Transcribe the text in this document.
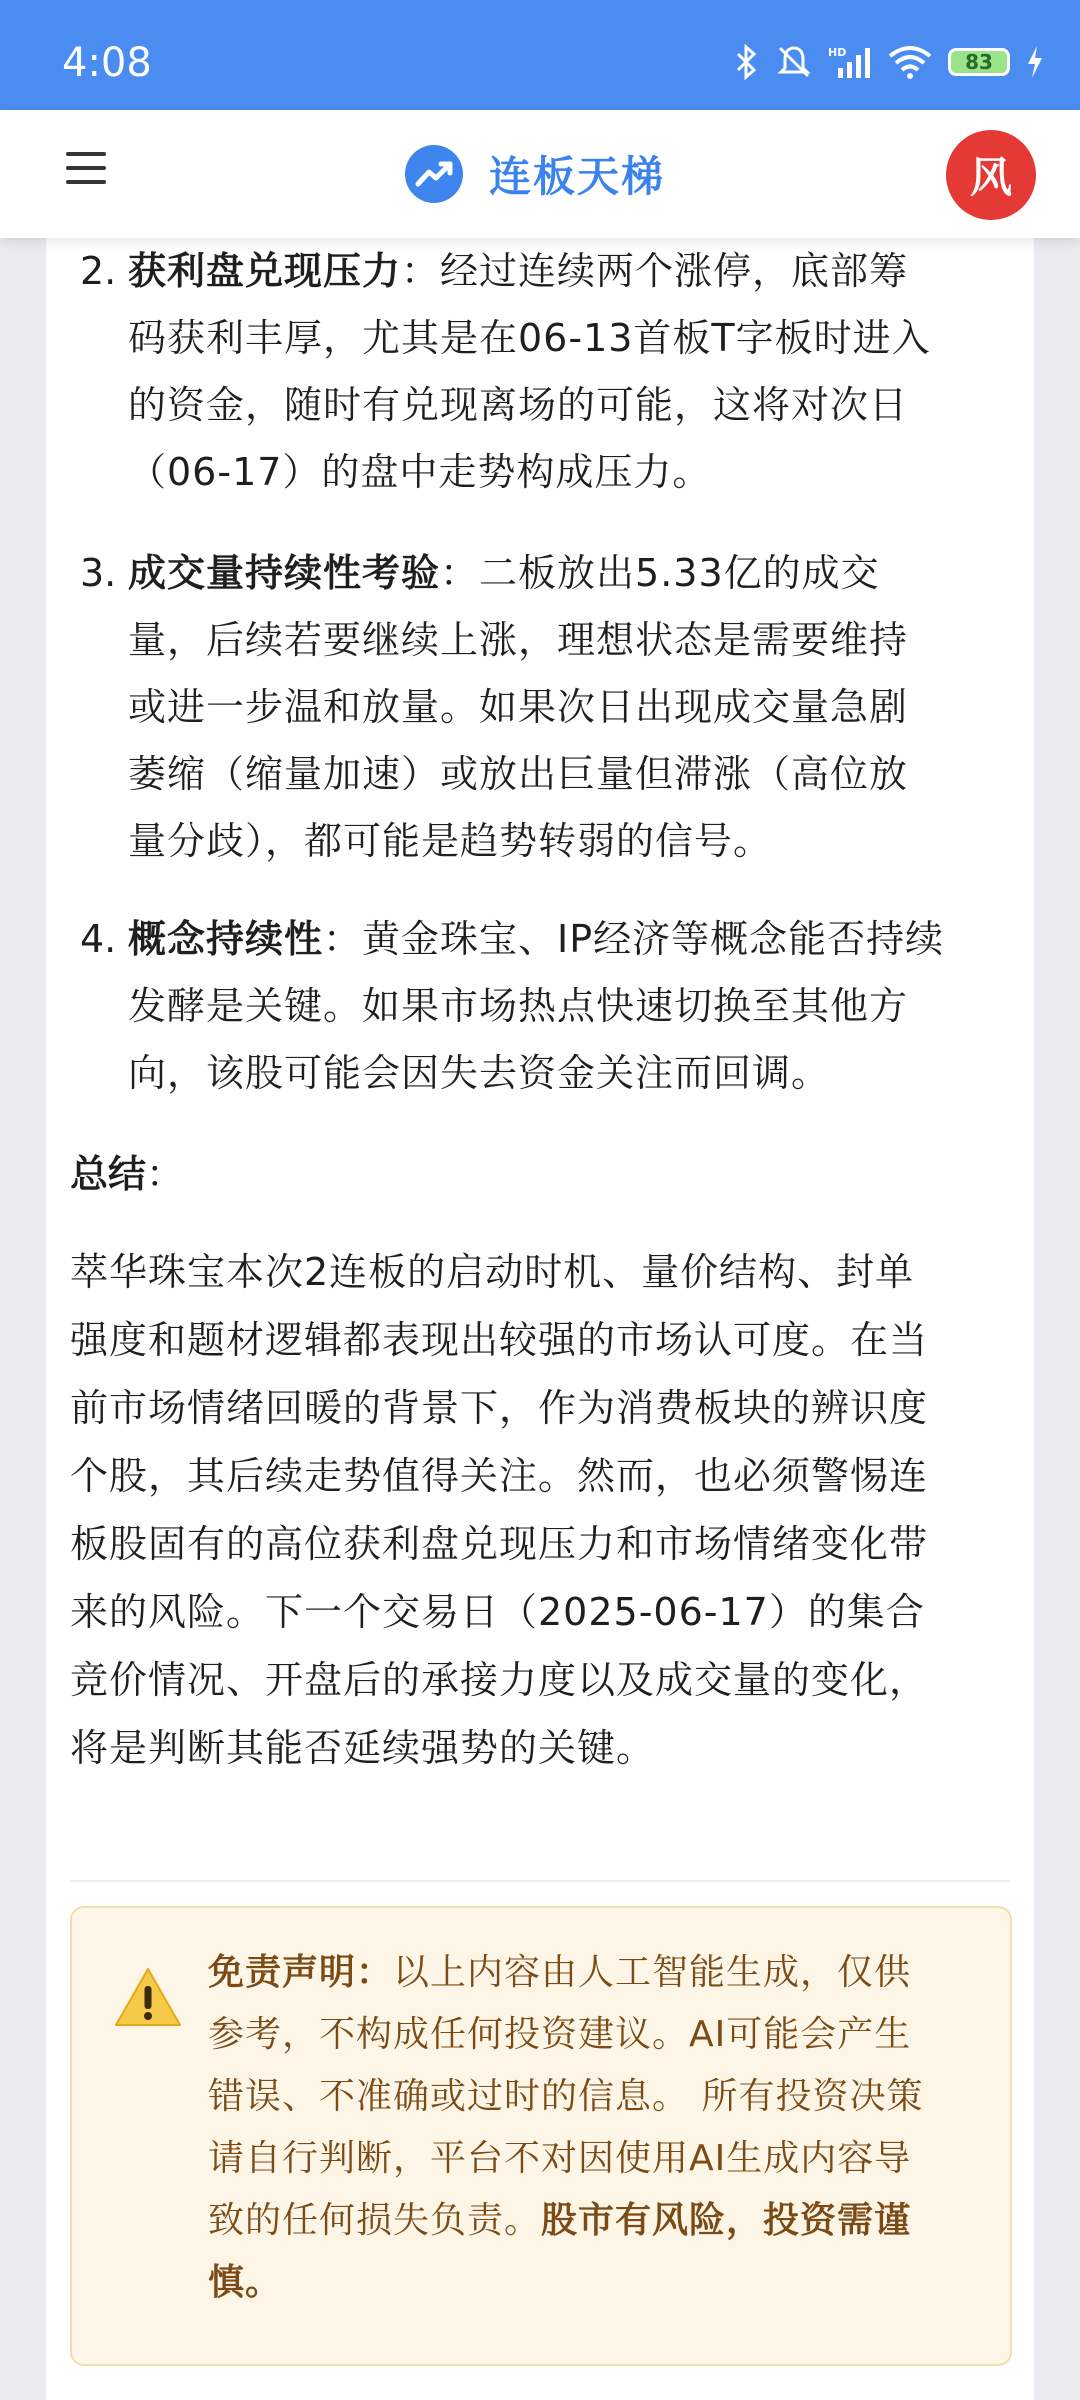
4:08	HD	83
连板天梯	风
2. 获利盘兑现压力：经过连续两个涨停，底部筹
码获利丰厚，尤其是在06-13首板T字板时进入
的资金，随时有兑现离场的可能，这将对次日
（06-17）的盘中走势构成压力。
3. 成交量持续性考验：二板放出5.33亿的成交
量，后续若要继续上涨，理想状态是需要维持
或进一步温和放量。如果次日出现成交量急剧
萎缩（缩量加速）或放出巨量但滞涨（高位放
量分歧），都可能是趋势转弱的信号。
4. 概念持续性：黄金珠宝、IP经济等概念能否持续
发酵是关键。如果市场热点快速切换至其他方
向，该股可能会因失去资金关注而回调。
总结：
萃华珠宝本次2连板的启动时机、量价结构、封单
强度和题材逻辑都表现出较强的市场认可度。在当
前市场情绪回暖的背景下，作为消费板块的辨识度
个股，其后续走势值得关注。然而，也必须警惕连
板股固有的高位获利盘兑现压力和市场情绪变化带
来的风险。下一个交易日（2025-06-17）的集合
竞价情况、开盘后的承接力度以及成交量的变化，
将是判断其能否延续强势的关键。
免责声明：以上内容由人工智能生成，仅供
参考，不构成任何投资建议。AI可能会产生
错误、不准确或过时的信息。 所有投资决策
请自行判断，平台不对因使用AI生成内容导
致的任何损失负责。股市有风险，投资需谨
慎。
